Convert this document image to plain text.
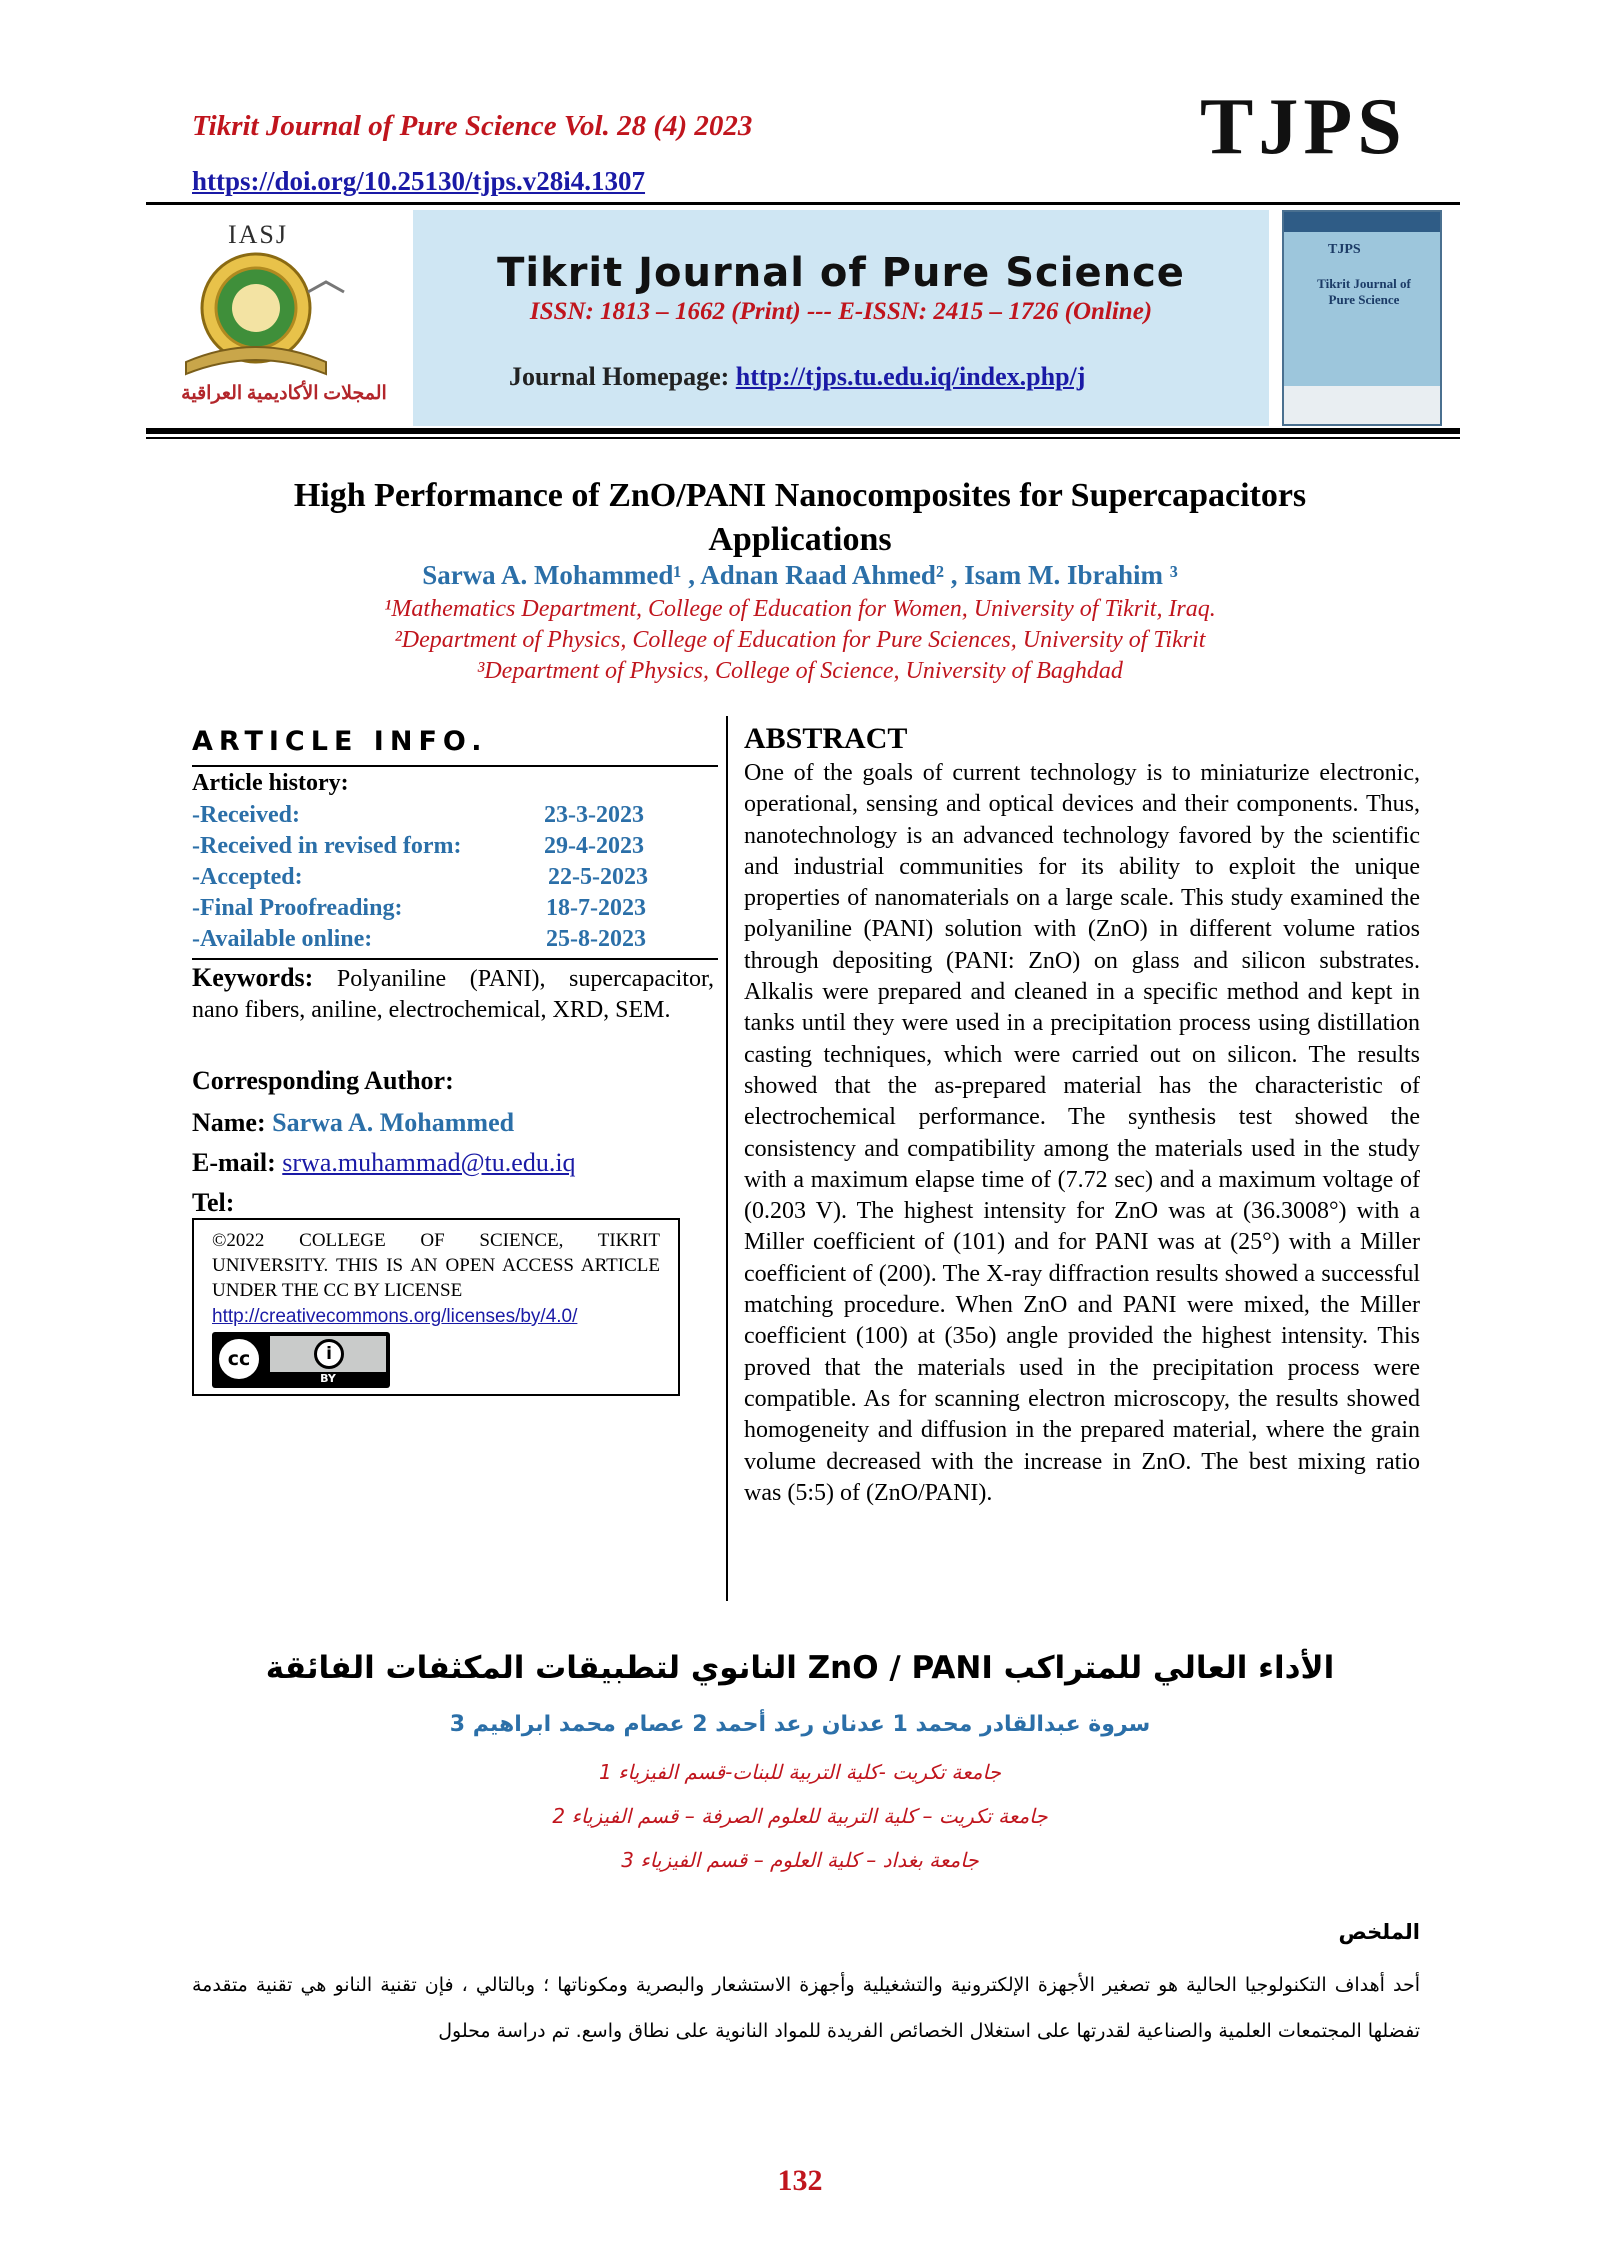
Tikrit Journal of Pure Science Vol. 28 (4) 2023
https://doi.org/10.25130/tjps.v28i4.1307
TJPS
IASJ
المجلات الأكاديمية العراقية
Tikrit Journal of Pure Science
ISSN: 1813 – 1662 (Print) --- E-ISSN: 2415 – 1726 (Online)
Journal Homepage: http://tjps.tu.edu.iq/index.php/j
TJPS
Tikrit Journal of Pure Science
High Performance of ZnO/PANI Nanocomposites for Supercapacitors Applications
Sarwa A. Mohammed¹ , Adnan Raad Ahmed² , Isam M. Ibrahim ³
¹Mathematics Department, College of Education for Women, University of Tikrit, Iraq.
²Department of Physics, College of Education for Pure Sciences, University of Tikrit
³Department of Physics, College of Science, University of Baghdad
ARTICLE INFO.
Article history:
-Received:	23-3-2023
-Received in revised form:	29-4-2023
-Accepted:	22-5-2023
-Final Proofreading:	18-7-2023
-Available online:	25-8-2023
Keywords: Polyaniline (PANI), supercapacitor, nano fibers, aniline, electrochemical, XRD, SEM.
Corresponding Author:
Name: Sarwa A. Mohammed
E-mail: srwa.muhammad@tu.edu.iq
Tel:
©2022 COLLEGE OF SCIENCE, TIKRIT UNIVERSITY. THIS IS AN OPEN ACCESS ARTICLE UNDER THE CC BY LICENSE
http://creativecommons.org/licenses/by/4.0/
cc	i
BY
ABSTRACT
One of the goals of current technology is to miniaturize electronic, operational, sensing and optical devices and their components. Thus, nanotechnology is an advanced technology favored by the scientific and industrial communities for its ability to exploit the unique properties of nanomaterials on a large scale. This study examined the polyaniline (PANI) solution with (ZnO) in different volume ratios through depositing (PANI: ZnO) on glass and silicon substrates. Alkalis were prepared and cleaned in a specific method and kept in tanks until they were used in a precipitation process using distillation casting techniques, which were carried out on silicon. The results showed that the as-prepared material has the characteristic of electrochemical performance. The synthesis test showed the consistency and compatibility among the materials used in the study with a maximum elapse time of (7.72 sec) and a maximum voltage of (0.203 V). The highest intensity for ZnO was at (36.3008°) with a Miller coefficient of (101) and for PANI was at (25°) with a Miller coefficient of (200). The X-ray diffraction results showed a successful matching procedure. When ZnO and PANI were mixed, the Miller coefficient (100) at (35o) angle provided the highest intensity. This proved that the materials used in the precipitation process were compatible. As for scanning electron microscopy, the results showed homogeneity and diffusion in the prepared material, where the grain volume decreased with the increase in ZnO. The best mixing ratio was (5:5) of (ZnO/PANI).
الأداء العالي للمتراكب ZnO / PANI النانوي لتطبيقات المكثفات الفائقة
سروة عبدالقادر محمد 1 عدنان رعد أحمد 2 عصام محمد ابراهيم 3
جامعة تكريت -كلية التربية للبنات-قسم الفيزياء 1
جامعة تكريت – كلية التربية للعلوم الصرفة – قسم الفيزياء 2
جامعة بغداد – كلية العلوم – قسم الفيزياء 3
الملخص
أحد أهداف التكنولوجيا الحالية هو تصغير الأجهزة الإلكترونية والتشغيلية وأجهزة الاستشعار والبصرية ومكوناتها ؛ وبالتالي ، فإن تقنية النانو هي تقنية متقدمة تفضلها المجتمعات العلمية والصناعية لقدرتها على استغلال الخصائص الفريدة للمواد النانوية على نطاق واسع. تم دراسة محلول
132
